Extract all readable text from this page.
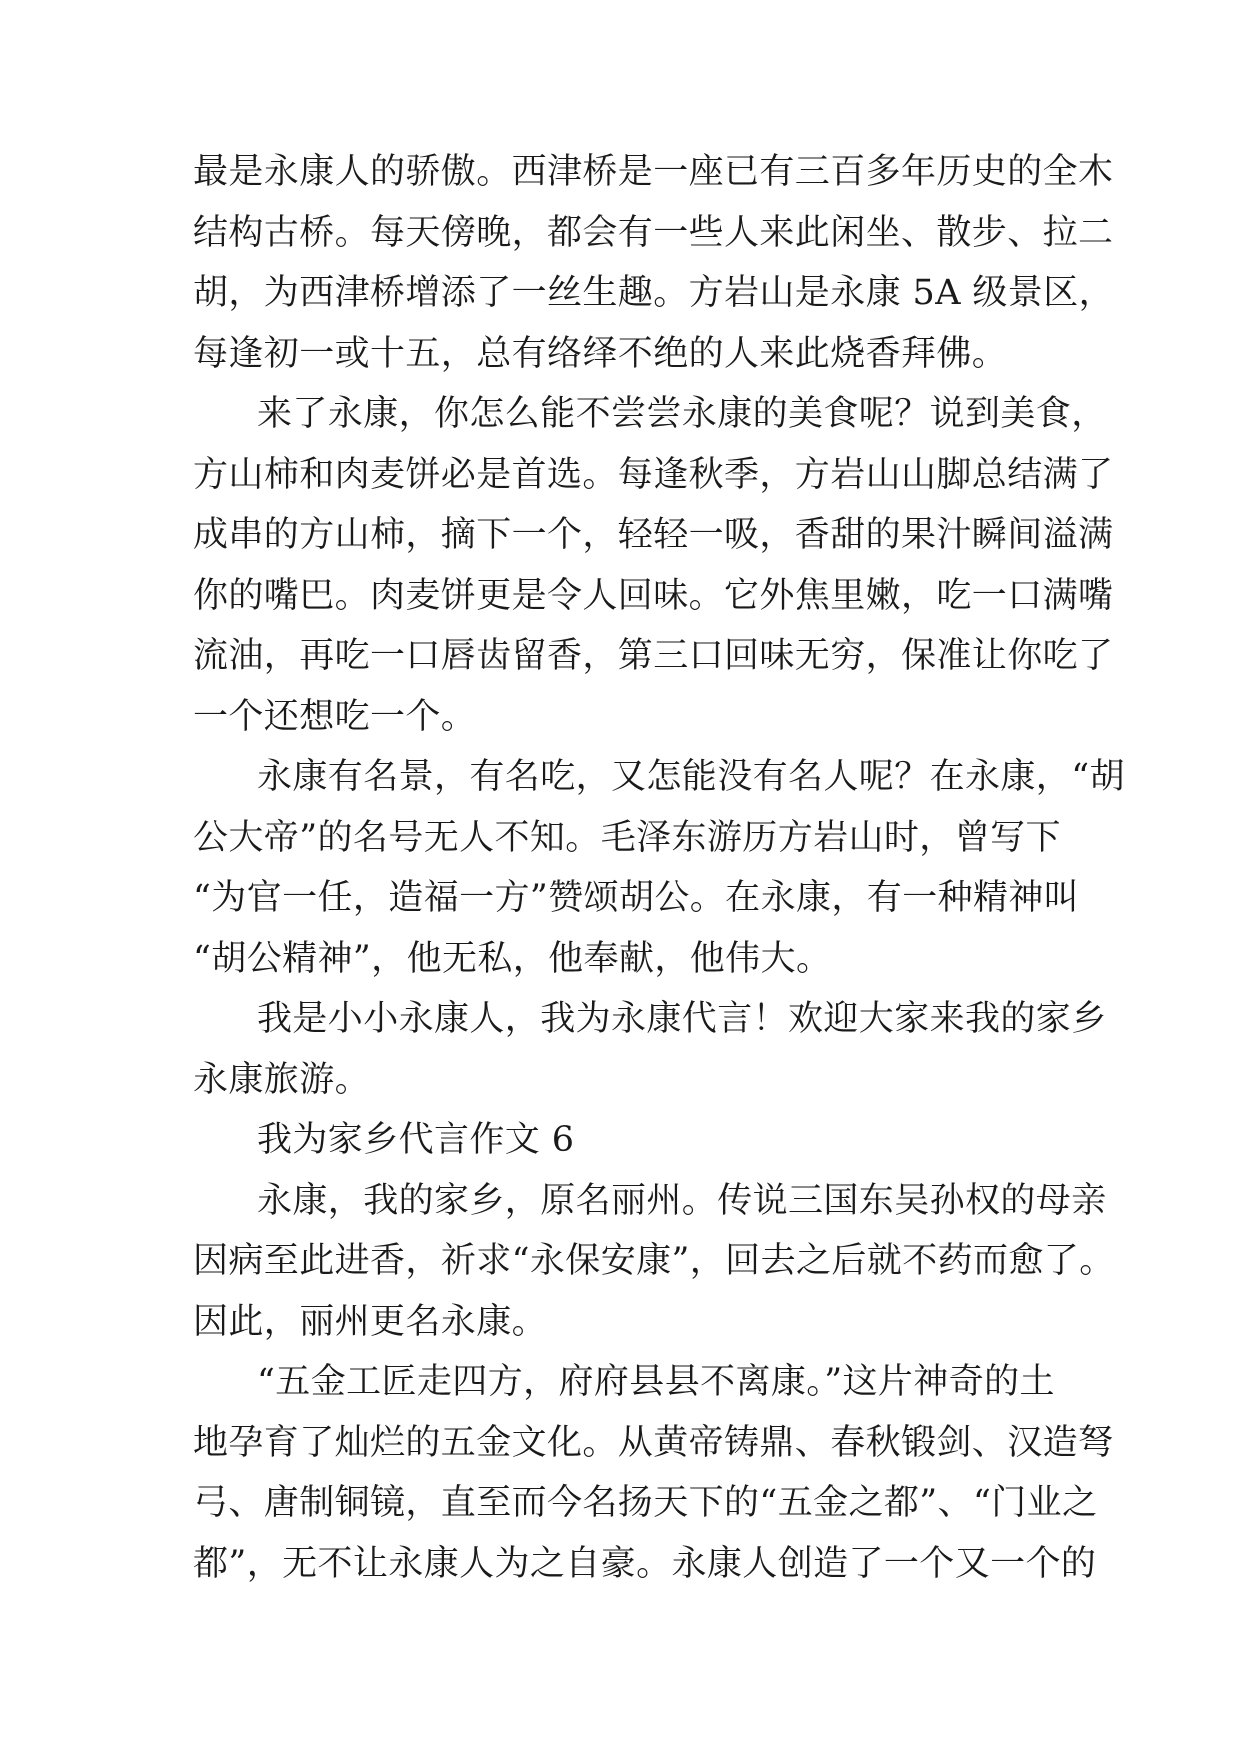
最是永康人的骄傲。西津桥是一座已有三百多年历史的全木
结构古桥。每天傍晚，都会有一些人来此闲坐、散步、拉二
胡，为西津桥增添了一丝生趣。方岩山是永康 5A 级景区，
每逢初一或十五，总有络绎不绝的人来此烧香拜佛。
来了永康，你怎么能不尝尝永康的美食呢？说到美食，
方山柿和肉麦饼必是首选。每逢秋季，方岩山山脚总结满了
成串的方山柿，摘下一个，轻轻一吸，香甜的果汁瞬间溢满
你的嘴巴。肉麦饼更是令人回味。它外焦里嫩，吃一口满嘴
流油，再吃一口唇齿留香，第三口回味无穷，保准让你吃了
一个还想吃一个。
永康有名景，有名吃，又怎能没有名人呢？在永康，“胡
公大帝”的名号无人不知。毛泽东游历方岩山时，曾写下
“为官一任，造福一方”赞颂胡公。在永康，有一种精神叫
“胡公精神”，他无私，他奉献，他伟大。
我是小小永康人，我为永康代言！欢迎大家来我的家乡
永康旅游。
我为家乡代言作文 6
永康，我的家乡，原名丽州。传说三国东吴孙权的母亲
因病至此进香，祈求“永保安康”，回去之后就不药而愈了。
因此，丽州更名永康。
“五金工匠走四方，府府县县不离康。”这片神奇的土
地孕育了灿烂的五金文化。从黄帝铸鼎、春秋锻剑、汉造弩
弓、唐制铜镜，直至而今名扬天下的“五金之都”、“门业之
都”，无不让永康人为之自豪。永康人创造了一个又一个的
